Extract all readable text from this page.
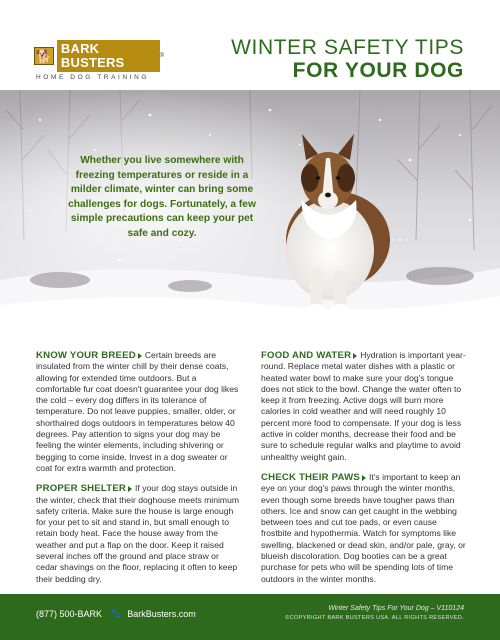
🐕
BARK BUSTERS	®
HOME DOG TRAINING
WINTER SAFETY TIPS
FOR YOUR DOG
Whether you live somewhere with freezing temperatures or reside in a milder climate, winter can bring some challenges for dogs. Fortunately, a few simple precautions can keep your pet safe and cozy.
KNOW YOUR BREED Certain breeds are insulated from the winter chill by their dense coats, allowing for extended time outdoors. But a comfortable fur coat doesn't guarantee your dog likes the cold – every dog differs in its tolerance of temperature. Do not leave puppies, smaller, older, or shorthaired dogs outdoors in temperatures below 40 degrees. Pay attention to signs your dog may be feeling the winter elements, including shivering or begging to come inside. Invest in a dog sweater or coat for extra warmth and protection.
PROPER SHELTER If your dog stays outside in the winter, check that their doghouse meets minimum safety criteria. Make sure the house is large enough for your pet to sit and stand in, but small enough to retain body heat. Face the house away from the weather and put a flap on the door. Keep it raised several inches off the ground and place straw or cedar shavings on the floor, replacing it often to keep their bedding dry.
FOOD AND WATER Hydration is important year-round. Replace metal water dishes with a plastic or heated water bowl to make sure your dog's tongue does not stick to the bowl. Change the water often to keep it from freezing. Active dogs will burn more calories in cold weather and will need roughly 10 percent more food to compensate. If your dog is less active in colder months, decrease their food and be sure to schedule regular walks and playtime to avoid unhealthy weight gain.
CHECK THEIR PAWS It's important to keep an eye on your dog's paws through the winter months, even though some breeds have tougher paws than others. Ice and snow can get caught in the webbing between toes and cut toe pads, or even cause frostbite and hypothermia. Watch for symptoms like swelling, blackened or dead skin, and/or pale, gray, or blueish discoloration. Dog booties can be a great purchase for pets who will be spending lots of time outdoors in the winter months.
(877) 500-BARK 🐾 BarkBusters.com	Winter Safety Tips For Your Dog – V110124
©COPYRIGHT BARK BUSTERS USA. ALL RIGHTS RESERVED.
